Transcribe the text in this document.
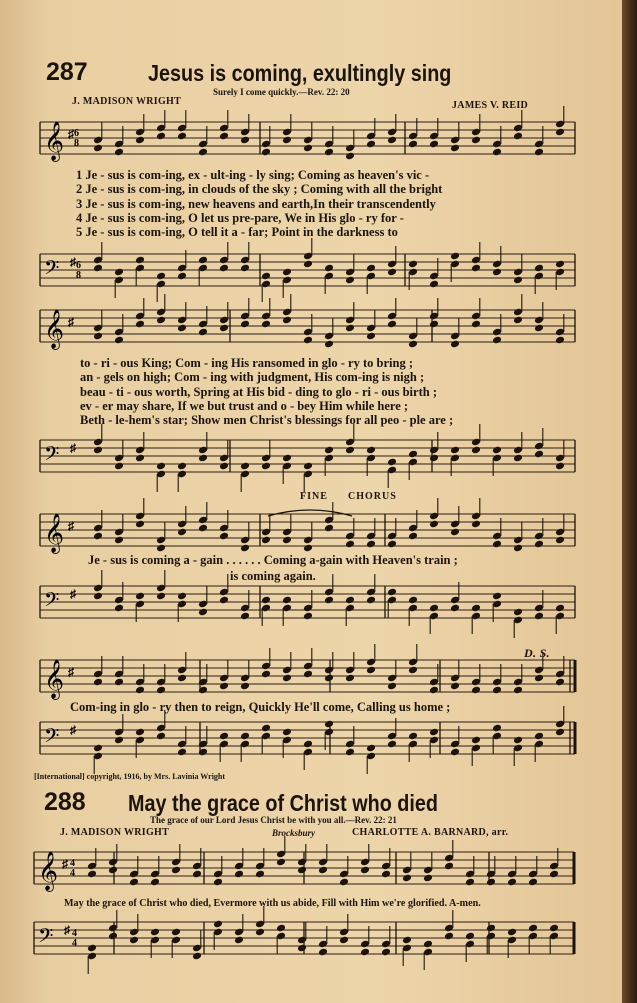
287	Jesus is coming, exultingly sing
Surely I come quickly.—Rev. 22: 20
J. MADISON WRIGHT	JAMES V. REID
𝄞 ♯ 6
8
1 Je - sus is com-ing, ex - ult-ing - ly sing; Coming as heaven's vic -
2 Je - sus is com-ing, in clouds of the sky ; Coming with all the bright
3 Je - sus is com-ing, new heavens and earth,In their transcendently
4 Je - sus is com-ing, O let us pre-pare, We in His glo - ry for -
5 Je - sus is com-ing, O tell it a - far; Point in the darkness to
𝄢 ♯ 6
8
𝄞 ♯
to - ri - ous King; Com - ing His ransomed in glo - ry to bring ;
an - gels on high; Com - ing with judgment, His com-ing is nigh ;
beau - ti - ous worth, Spring at His bid - ding to glo - ri - ous birth ;
ev - er may share, If we but trust and o - bey Him while here ;
Beth - le-hem's star; Show men Christ's blessings for all peo - ple are ;
𝄢 ♯
FINE CHORUS
𝄞 ♯
Je - sus is coming a - gain . . . . . . Coming a-gain with Heaven's train ;
is coming again.
𝄢 ♯
D. S.
𝄞 ♯
Com-ing in glo - ry then to reign, Quickly He'll come, Calling us home ;
𝄢 ♯
[International] copyright, 1916, by Mrs. Lavinia Wright
288 May the grace of Christ who died
The grace of our Lord Jesus Christ be with you all.—Rev. 22: 21
J. MADISON WRIGHT	Brocksbury	CHARLOTTE A. BARNARD, arr.
𝄞 ♯ 4
4
May the grace of Christ who died, Evermore with us abide, Fill with Him we're glorified. A-men.
𝄢 ♯ 4
4
